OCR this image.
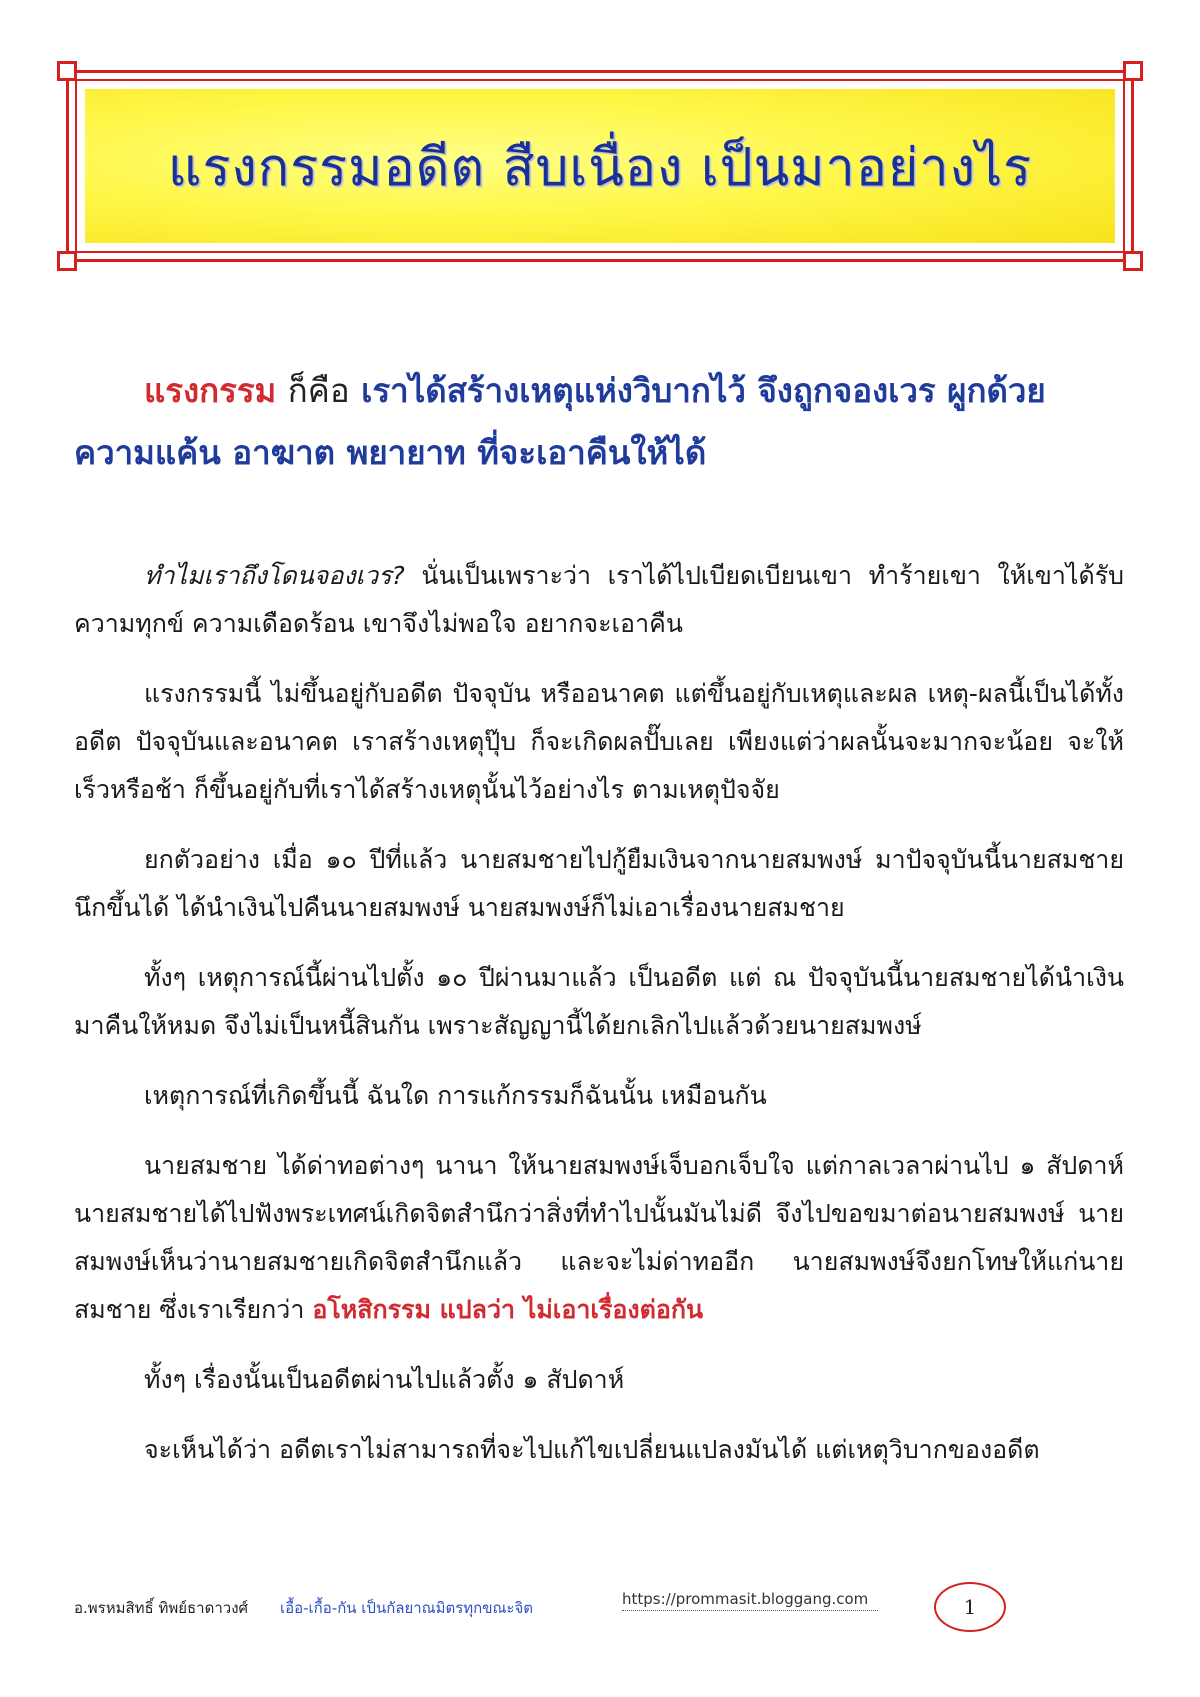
แรงกรรมอดีต สืบเนื่อง เป็นมาอย่างไร

แรงกรรม ก็คือ เราได้สร้างเหตุแห่งวิบากไว้ จึงถูกจองเวร ผูกด้วยความแค้น อาฆาต พยายาท ที่จะเอาคืนให้ได้

ทำไมเราถึงโดนจองเวร? นั่นเป็นเพราะว่า เราได้ไปเบียดเบียนเขา ทำร้ายเขา ให้เขาได้รับความทุกข์ ความเดือดร้อน เขาจึงไม่พอใจ อยากจะเอาคืน

แรงกรรมนี้ ไม่ขึ้นอยู่กับอดีต ปัจจุบัน หรืออนาคต แต่ขึ้นอยู่กับเหตุและผล เหตุ-ผลนี้เป็นได้ทั้งอดีต ปัจจุบันและอนาคต เราสร้างเหตุปุ๊บ ก็จะเกิดผลปั๊บเลย เพียงแต่ว่าผลนั้นจะมากจะน้อย จะให้เร็วหรือช้า ก็ขึ้นอยู่กับที่เราได้สร้างเหตุนั้นไว้อย่างไร ตามเหตุปัจจัย

ยกตัวอย่าง เมื่อ ๑๐ ปีที่แล้ว นายสมชายไปกู้ยืมเงินจากนายสมพงษ์ มาปัจจุบันนี้นายสมชายนึกขึ้นได้ ได้นำเงินไปคืนนายสมพงษ์ นายสมพงษ์ก็ไม่เอาเรื่องนายสมชาย

ทั้งๆ เหตุการณ์นี้ผ่านไปตั้ง ๑๐ ปีผ่านมาแล้ว เป็นอดีต แต่ ณ ปัจจุบันนี้นายสมชายได้นำเงินมาคืนให้หมด จึงไม่เป็นหนี้สินกัน เพราะสัญญานี้ได้ยกเลิกไปแล้วด้วยนายสมพงษ์

เหตุการณ์ที่เกิดขึ้นนี้ ฉันใด การแก้กรรมก็ฉันนั้น เหมือนกัน

นายสมชาย ได้ด่าทอต่างๆ นานา ให้นายสมพงษ์เจ็บอกเจ็บใจ แต่กาลเวลาผ่านไป ๑ สัปดาห์ นายสมชายได้ไปฟังพระเทศน์เกิดจิตสำนึกว่าสิ่งที่ทำไปนั้นมันไม่ดี จึงไปขอขมาต่อนายสมพงษ์ นายสมพงษ์เห็นว่านายสมชายเกิดจิตสำนึกแล้ว และจะไม่ด่าทออีก นายสมพงษ์จึงยกโทษให้แก่นายสมชาย ซึ่งเราเรียกว่า อโหสิกรรม แปลว่า ไม่เอาเรื่องต่อกัน

ทั้งๆ เรื่องนั้นเป็นอดีตผ่านไปแล้วตั้ง ๑ สัปดาห์

จะเห็นได้ว่า อดีตเราไม่สามารถที่จะไปแก้ไขเปลี่ยนแปลงมันได้ แต่เหตุวิบากของอดีต

อ.พรหมสิทธิ์ ทิพย์ธาดาวงศ์ เอื้อ-เกื้อ-กัน เป็นกัลยาณมิตรทุกขณะจิต	https://prommasit.bloggang.com	1
